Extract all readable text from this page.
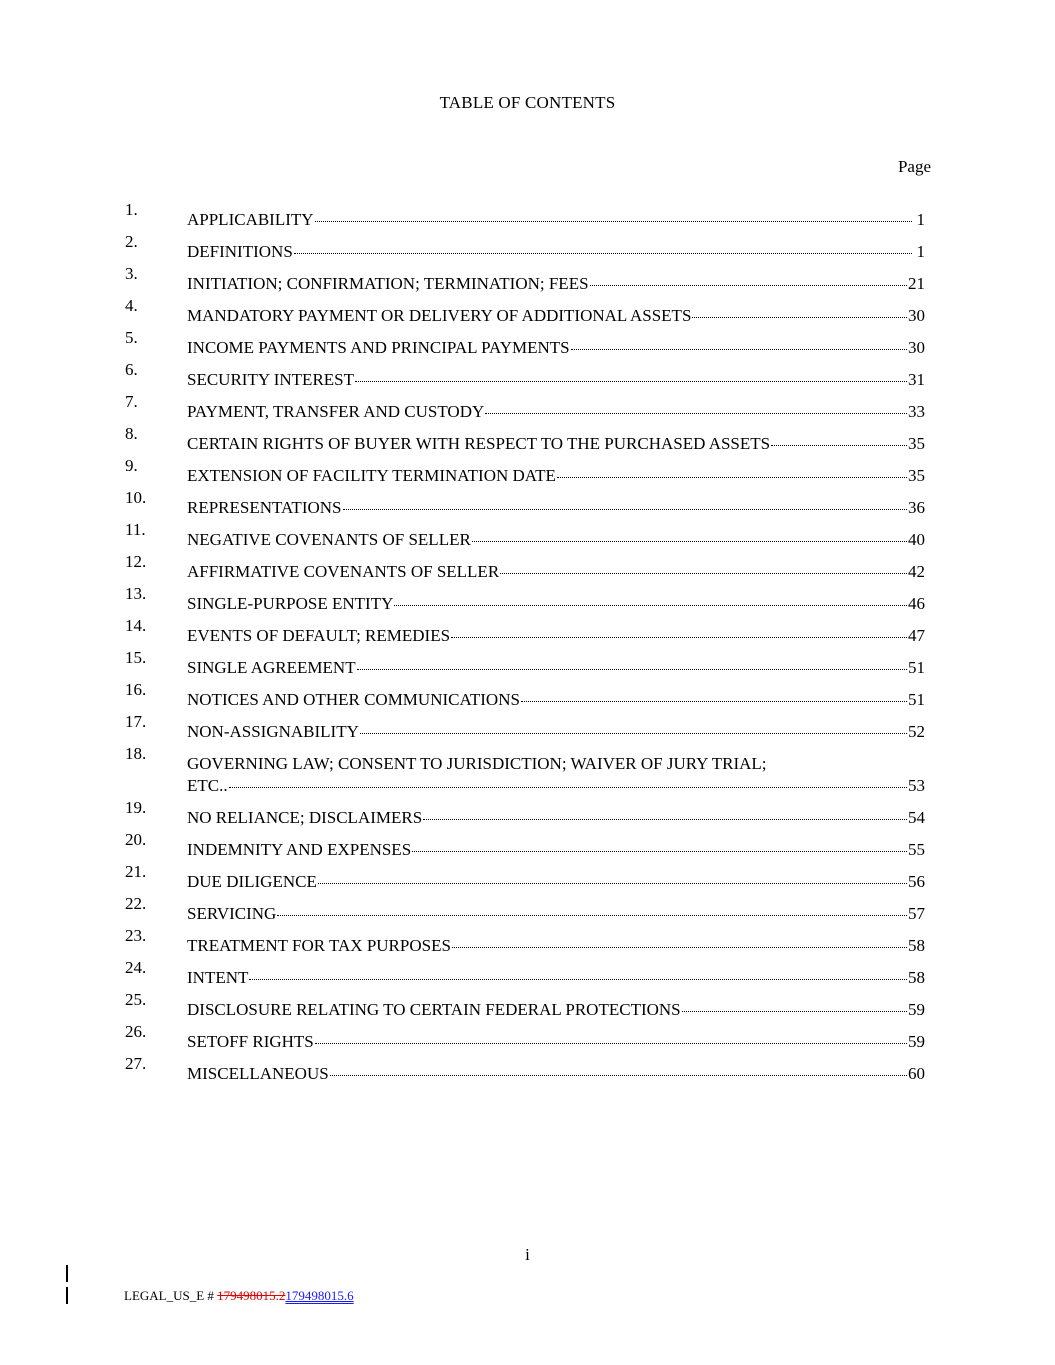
TABLE OF CONTENTS
Page
1.
APPLICABILITY	1
2.
DEFINITIONS	1
3.
INITIATION; CONFIRMATION; TERMINATION; FEES	21
4.
MANDATORY PAYMENT OR DELIVERY OF ADDITIONAL ASSETS	30
5.
INCOME PAYMENTS AND PRINCIPAL PAYMENTS	30
6.
SECURITY INTEREST	31
7.
PAYMENT, TRANSFER AND CUSTODY	33
8.
CERTAIN RIGHTS OF BUYER WITH RESPECT TO THE PURCHASED ASSETS	35
9.
EXTENSION OF FACILITY TERMINATION DATE	35
10.
REPRESENTATIONS	36
11.
NEGATIVE COVENANTS OF SELLER	40
12.
AFFIRMATIVE COVENANTS OF SELLER	42
13.
SINGLE-PURPOSE ENTITY	46
14.
EVENTS OF DEFAULT; REMEDIES	47
15.
SINGLE AGREEMENT	51
16.
NOTICES AND OTHER COMMUNICATIONS	51
17.
NON-ASSIGNABILITY	52
18.
GOVERNING LAW; CONSENT TO JURISDICTION; WAIVER OF JURY TRIAL;
ETC..	53
19.
NO RELIANCE; DISCLAIMERS	54
20.
INDEMNITY AND EXPENSES	55
21.
DUE DILIGENCE	56
22.
SERVICING	57
23.
TREATMENT FOR TAX PURPOSES	58
24.
INTENT	58
25.
DISCLOSURE RELATING TO CERTAIN FEDERAL PROTECTIONS	59
26.
SETOFF RIGHTS	59
27.
MISCELLANEOUS	60
i
LEGAL_US_E # 179498015.2179498015.6
